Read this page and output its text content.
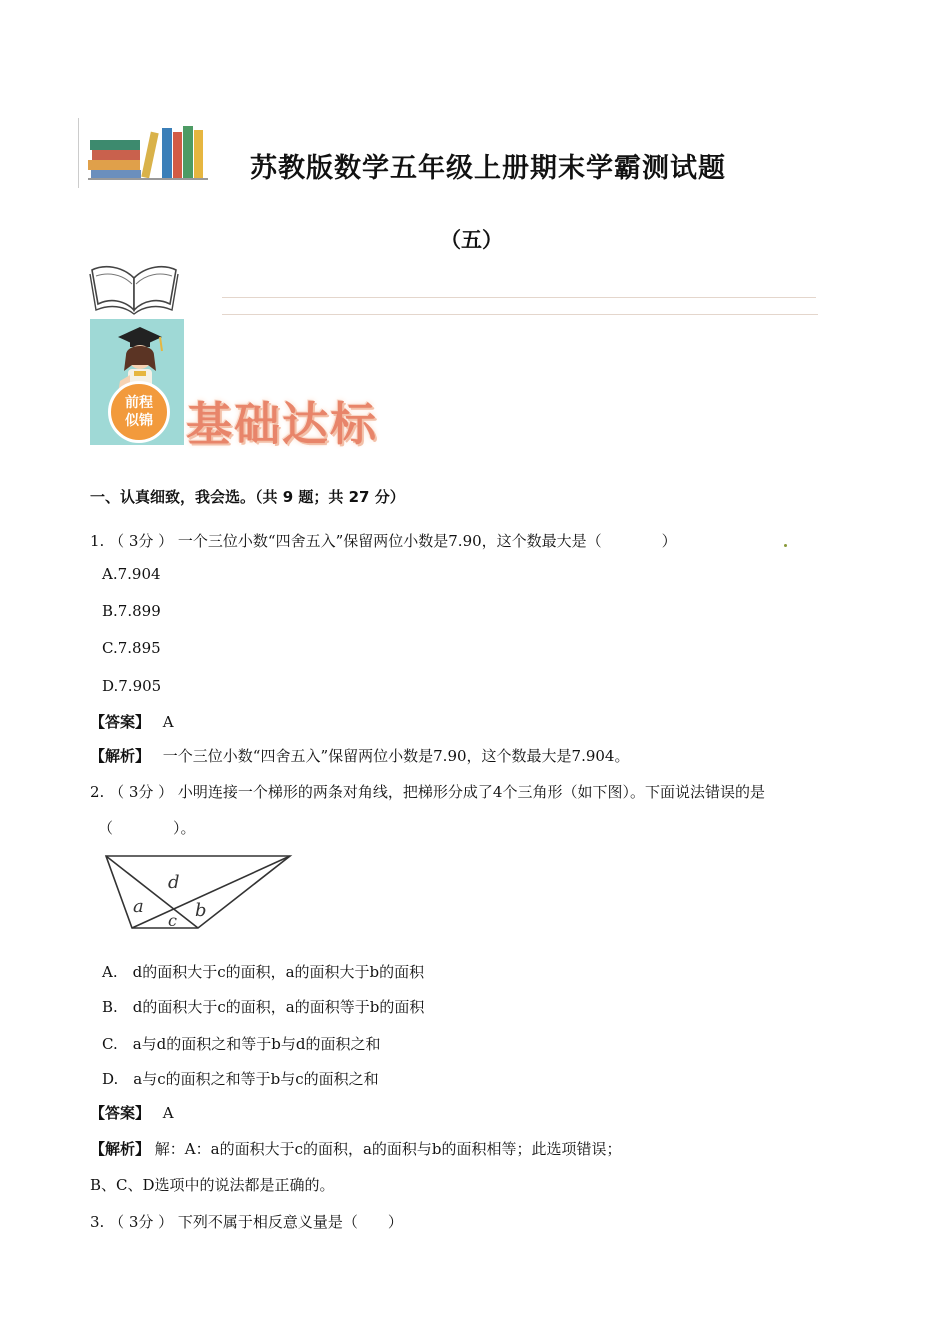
苏教版数学五年级上册期末学霸测试题
（五）
前程
似锦 基础达标
一、认真细致，我会选。（共 9 题；共 27 分）
1. （ 3分 ） 一个三位小数“四舍五入”保留两位小数是7.90，这个数最大是（　　　　）
A.7.904
B.7.899
C.7.895
D.7.905
【答案】 A
【解析】 一个三位小数“四舍五入”保留两位小数是7.90，这个数最大是7.904。
2. （ 3分 ） 小明连接一个梯形的两条对角线，把梯形分成了4个三角形（如下图）。下面说法错误的是
（　　　　）。
d
a
c b
A.　d的面积大于c的面积，a的面积大于b的面积
B.　d的面积大于c的面积，a的面积等于b的面积
C.　a与d的面积之和等于b与d的面积之和
D.　a与c的面积之和等于b与c的面积之和
【答案】 A
【解析】 解：A：a的面积大于c的面积，a的面积与b的面积相等；此选项错误；
B、C、D选项中的说法都是正确的。
3. （ 3分 ） 下列不属于相反意义量是（　　）
